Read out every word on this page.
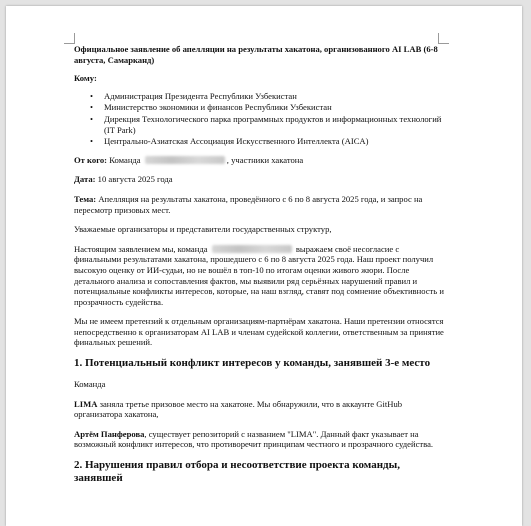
Официальное заявление об апелляции на результаты хакатона, организованного AI LAB (6-8 августа, Самарканд)

Кому:

• Администрация Президента Республики Узбекистан
• Министерство экономики и финансов Республики Узбекистан
• Дирекция Технологического парка программных продуктов и информационных технологий (IT Park)
• Центрально-Азиатская Ассоциация Искусственного Интеллекта (AICA)

От кого: Команда	, участники хакатона

Дата: 10 августа 2025 года

Тема: Апелляция на результаты хакатона, проведённого с 6 по 8 августа 2025 года, и запрос на пересмотр призовых мест.

Уважаемые организаторы и представители государственных структур,

Настоящим заявлением мы, команда	выражаем своё несогласие с финальными результатами хакатона, прошедшего с 6 по 8 августа 2025 года. Наш проект получил высокую оценку от ИИ-судьи, но не вошёл в топ-10 по итогам оценки живого жюри. После детального анализа и сопоставления фактов, мы выявили ряд серьёзных нарушений правил и потенциальные конфликты интересов, которые, на наш взгляд, ставят под сомнение объективность и прозрачность судейства.

Мы не имеем претензий к отдельным организациям-партнёрам хакатона. Наши претензии относятся непосредственно к организаторам AI LAB и членам судейской коллегии, ответственным за принятие финальных решений.

1. Потенциальный конфликт интересов у команды, занявшей 3-е место

Команда

LIMA заняла третье призовое место на хакатоне. Мы обнаружили, что в аккаунте GitHub организатора хакатона,

Артём Панферова, существует репозиторий с названием "LIMA". Данный факт указывает на возможный конфликт интересов, что противоречит принципам честного и прозрачного судейства.

2. Нарушения правил отбора и несоответствие проекта команды, занявшей
